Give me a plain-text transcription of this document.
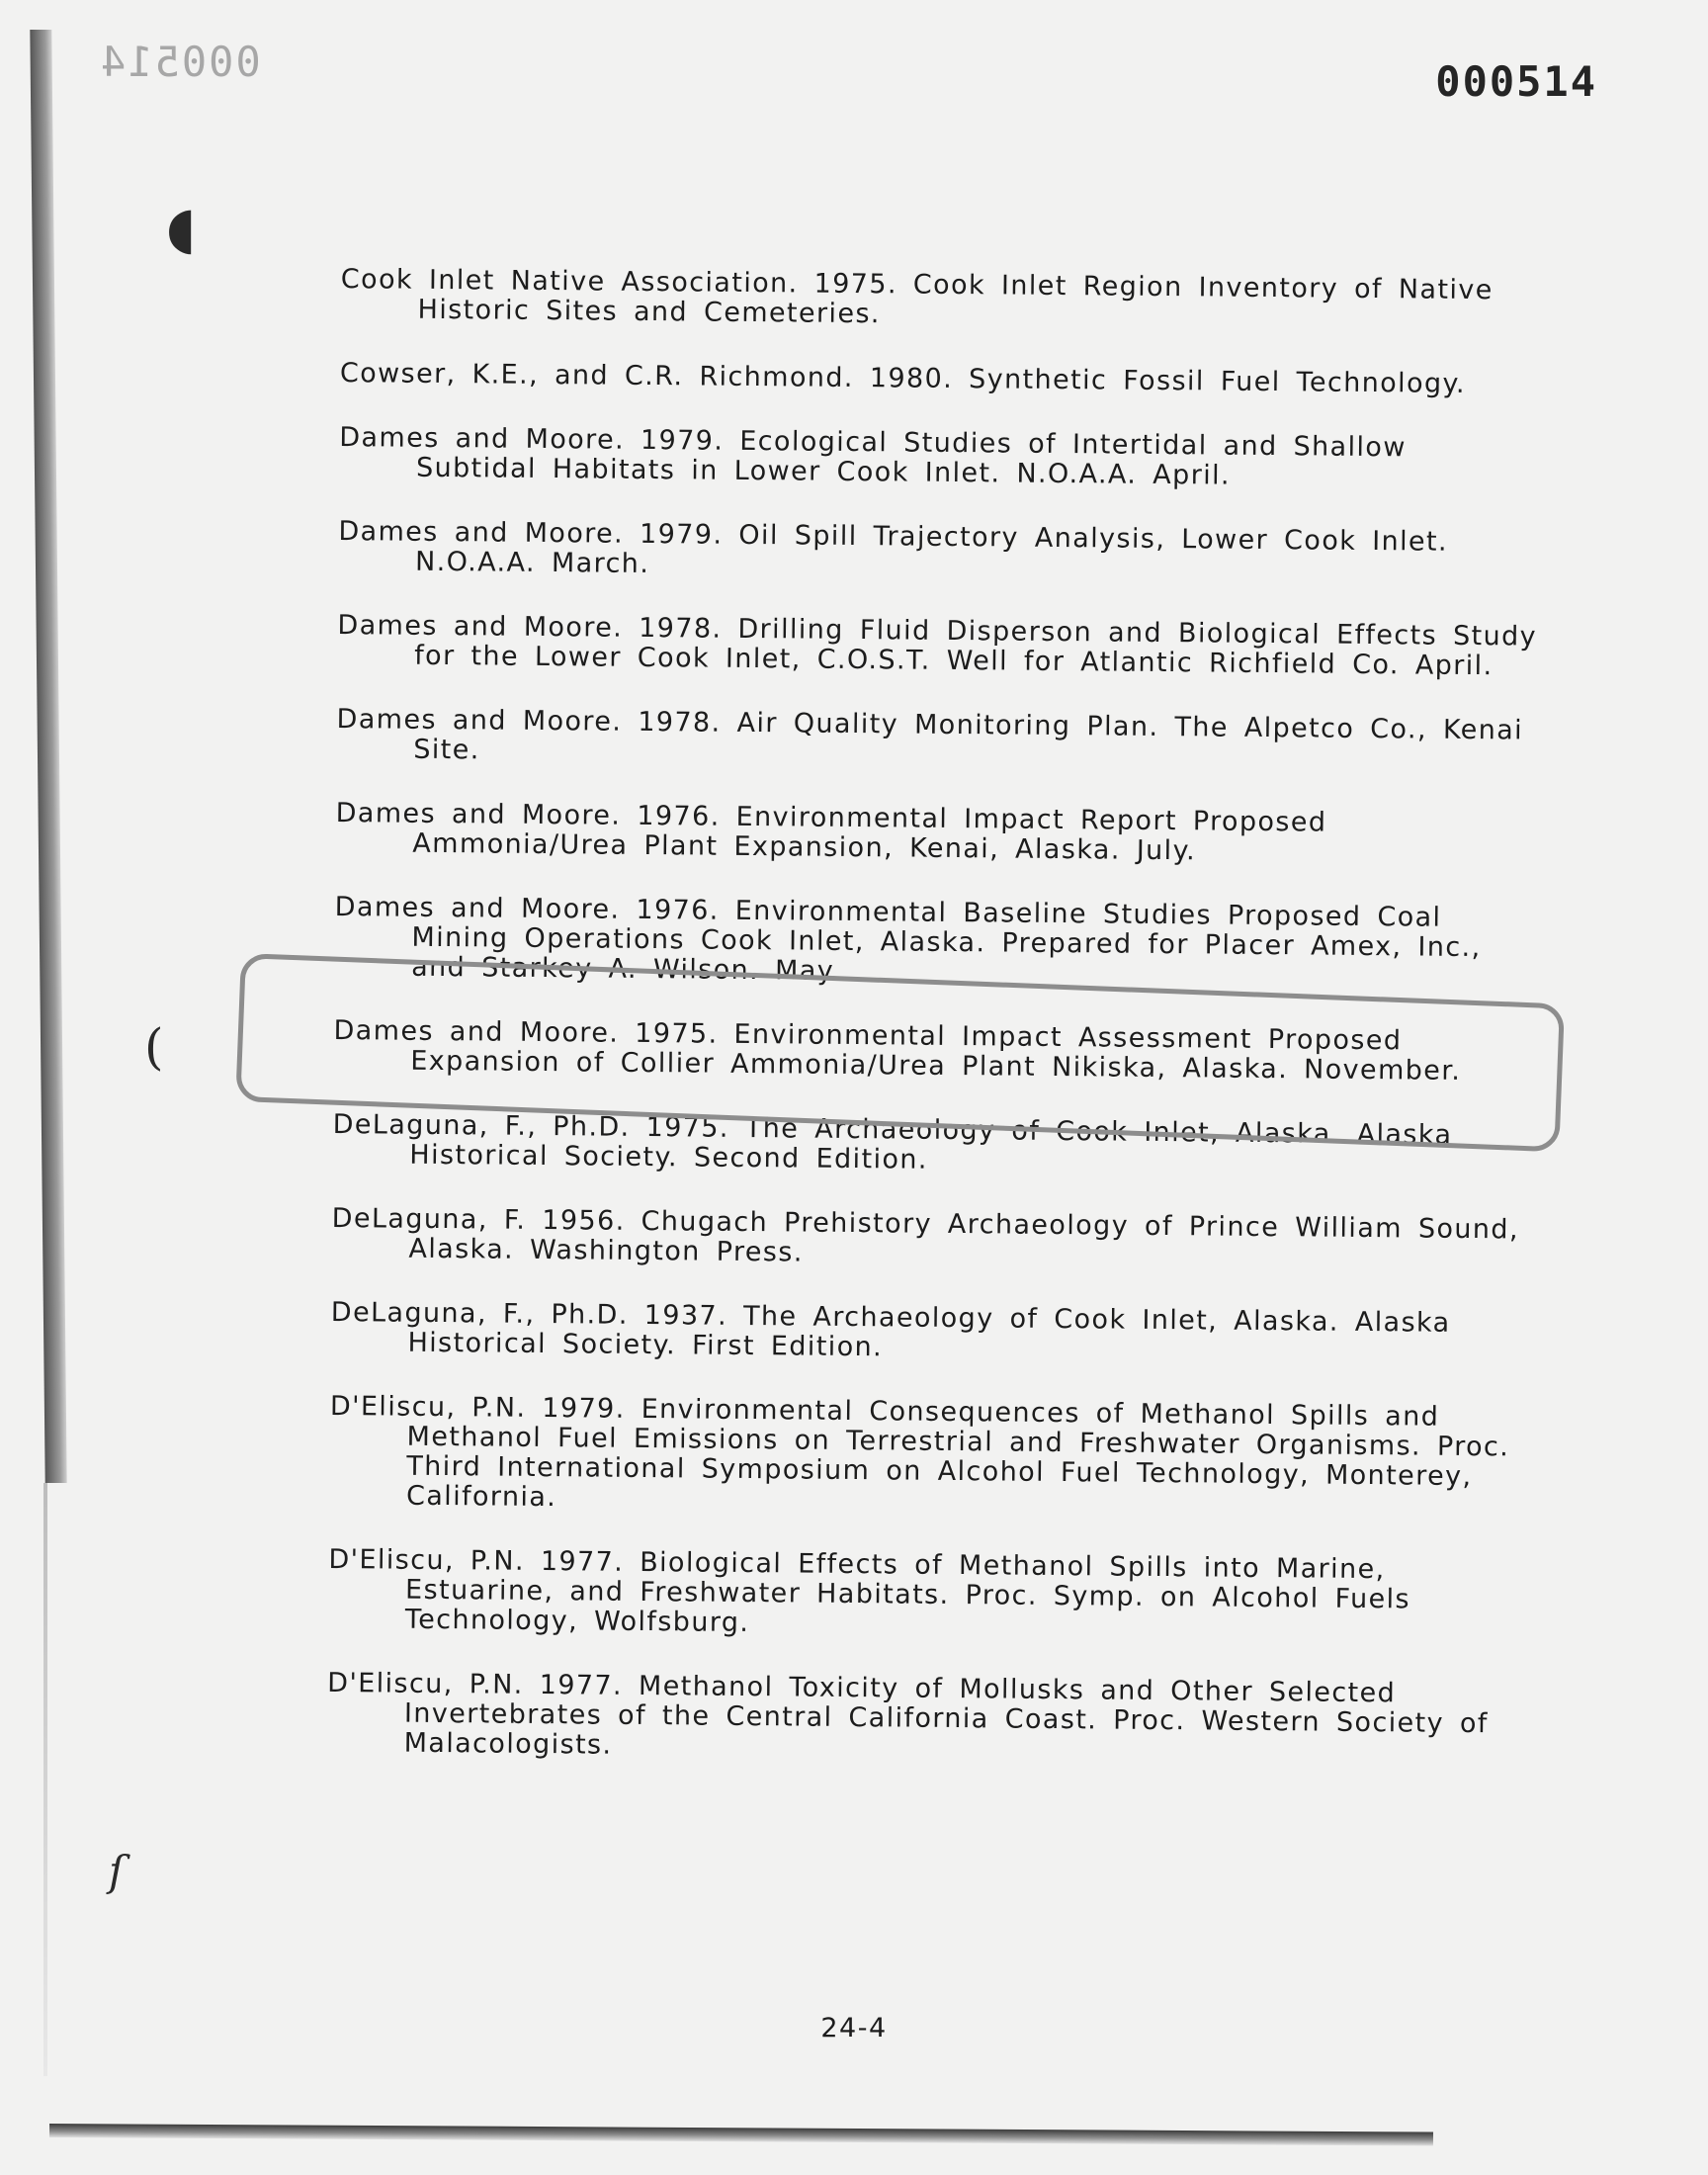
000514	000514
◖
(
ſ

Cook Inlet Native Association. 1975. Cook Inlet Region Inventory of Native Historic Sites and Cemeteries.

Cowser, K.E., and C.R. Richmond. 1980. Synthetic Fossil Fuel Technology.

Dames and Moore. 1979. Ecological Studies of Intertidal and Shallow Subtidal Habitats in Lower Cook Inlet. N.O.A.A. April.

Dames and Moore. 1979. Oil Spill Trajectory Analysis, Lower Cook Inlet. N.O.A.A. March.

Dames and Moore. 1978. Drilling Fluid Disperson and Biological Effects Study for the Lower Cook Inlet, C.O.S.T. Well for Atlantic Richfield Co. April.

Dames and Moore. 1978. Air Quality Monitoring Plan. The Alpetco Co., Kenai Site.

Dames and Moore. 1976. Environmental Impact Report Proposed Ammonia/Urea Plant Expansion, Kenai, Alaska. July.

Dames and Moore. 1976. Environmental Baseline Studies Proposed Coal Mining Operations Cook Inlet, Alaska. Prepared for Placer Amex, Inc., and Starkey A. Wilson. May.

Dames and Moore. 1975. Environmental Impact Assessment Proposed Expansion of Collier Ammonia/Urea Plant Nikiska, Alaska. November.

DeLaguna, F., Ph.D. 1975. The Archaeology of Cook Inlet, Alaska. Alaska Historical Society. Second Edition.

DeLaguna, F. 1956. Chugach Prehistory Archaeology of Prince William Sound, Alaska. Washington Press.

DeLaguna, F., Ph.D. 1937. The Archaeology of Cook Inlet, Alaska. Alaska Historical Society. First Edition.

D'Eliscu, P.N. 1979. Environmental Consequences of Methanol Spills and Methanol Fuel Emissions on Terrestrial and Freshwater Organisms. Proc. Third International Symposium on Alcohol Fuel Technology, Monterey, California.

D'Eliscu, P.N. 1977. Biological Effects of Methanol Spills into Marine, Estuarine, and Freshwater Habitats. Proc. Symp. on Alcohol Fuels Technology, Wolfsburg.

D'Eliscu, P.N. 1977. Methanol Toxicity of Mollusks and Other Selected Invertebrates of the Central California Coast. Proc. Western Society of Malacologists.

24-4
